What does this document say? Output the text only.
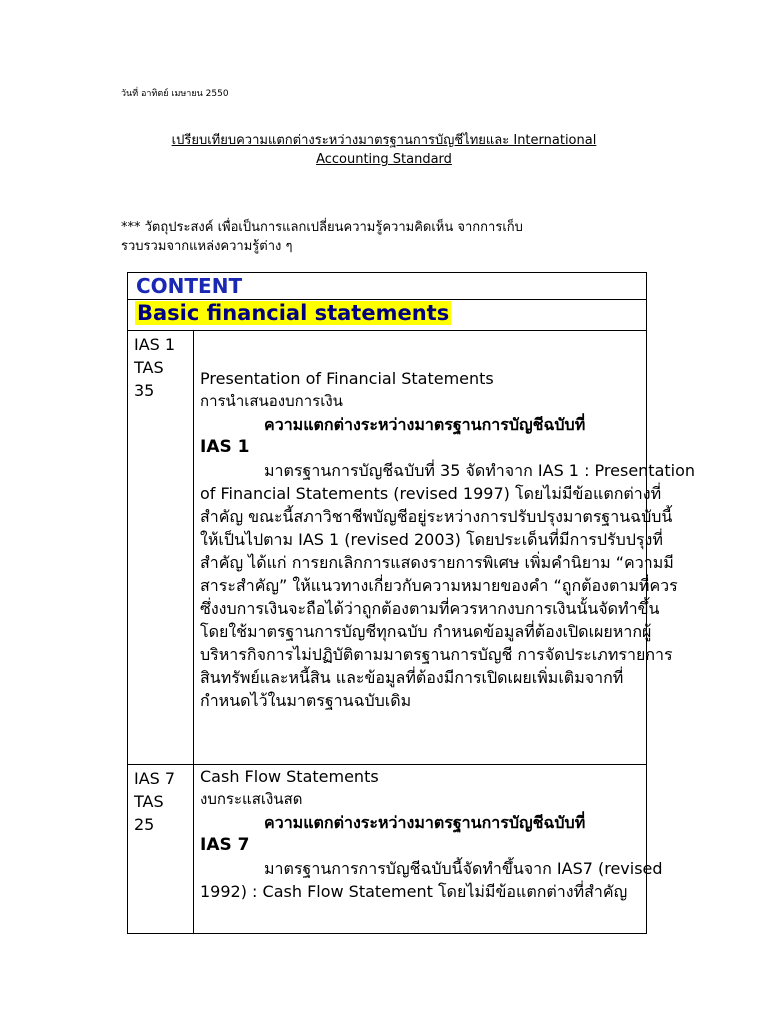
วันที่ อาทิตย์ เมษายน 2550
เปรียบเทียบความแตกต่างระหว่างมาตรฐานการบัญชีไทยและ International
Accounting Standard
*** วัตถุประสงค์ เพื่อเป็นการแลกเปลี่ยนความรู้ความคิดเห็น จากการเก็บ
รวบรวมจากแหล่งความรู้ต่าง ๆ
CONTENT
Basic financial statements
IAS 1
TAS
35
Presentation of Financial Statements
การนำเสนองบการเงิน
ความแตกต่างระหว่างมาตรฐานการบัญชีฉบับที่
IAS 1
มาตรฐานการบัญชีฉบับที่ 35 จัดทำจาก IAS 1 : Presentation
of Financial Statements (revised 1997) โดยไม่มีข้อแตกต่างที่
สำคัญ ขณะนี้สภาวิชาชีพบัญชีอยู่ระหว่างการปรับปรุงมาตรฐานฉบับนี้
ให้เป็นไปตาม IAS 1 (revised 2003) โดยประเด็นที่มีการปรับปรุงที่
สำคัญ ได้แก่ การยกเลิกการแสดงรายการพิเศษ เพิ่มคำนิยาม “ความมี
สาระสำคัญ” ให้แนวทางเกี่ยวกับความหมายของคำ “ถูกต้องตามที่ควร
ซึ่งงบการเงินจะถือได้ว่าถูกต้องตามที่ควรหากงบการเงินนั้นจัดทำขึ้น
โดยใช้มาตรฐานการบัญชีทุกฉบับ กำหนดข้อมูลที่ต้องเปิดเผยหากผู้
บริหารกิจการไม่ปฏิบัติตามมาตรฐานการบัญชี การจัดประเภทรายการ
สินทรัพย์และหนี้สิน และข้อมูลที่ต้องมีการเปิดเผยเพิ่มเติมจากที่
กำหนดไว้ในมาตรฐานฉบับเดิม
IAS 7
TAS
25
Cash Flow Statements
งบกระแสเงินสด
ความแตกต่างระหว่างมาตรฐานการบัญชีฉบับที่
IAS 7
มาตรฐานการการบัญชีฉบับนี้จัดทำขึ้นจาก IAS7 (revised
1992) : Cash Flow Statement โดยไม่มีข้อแตกต่างที่สำคัญ
